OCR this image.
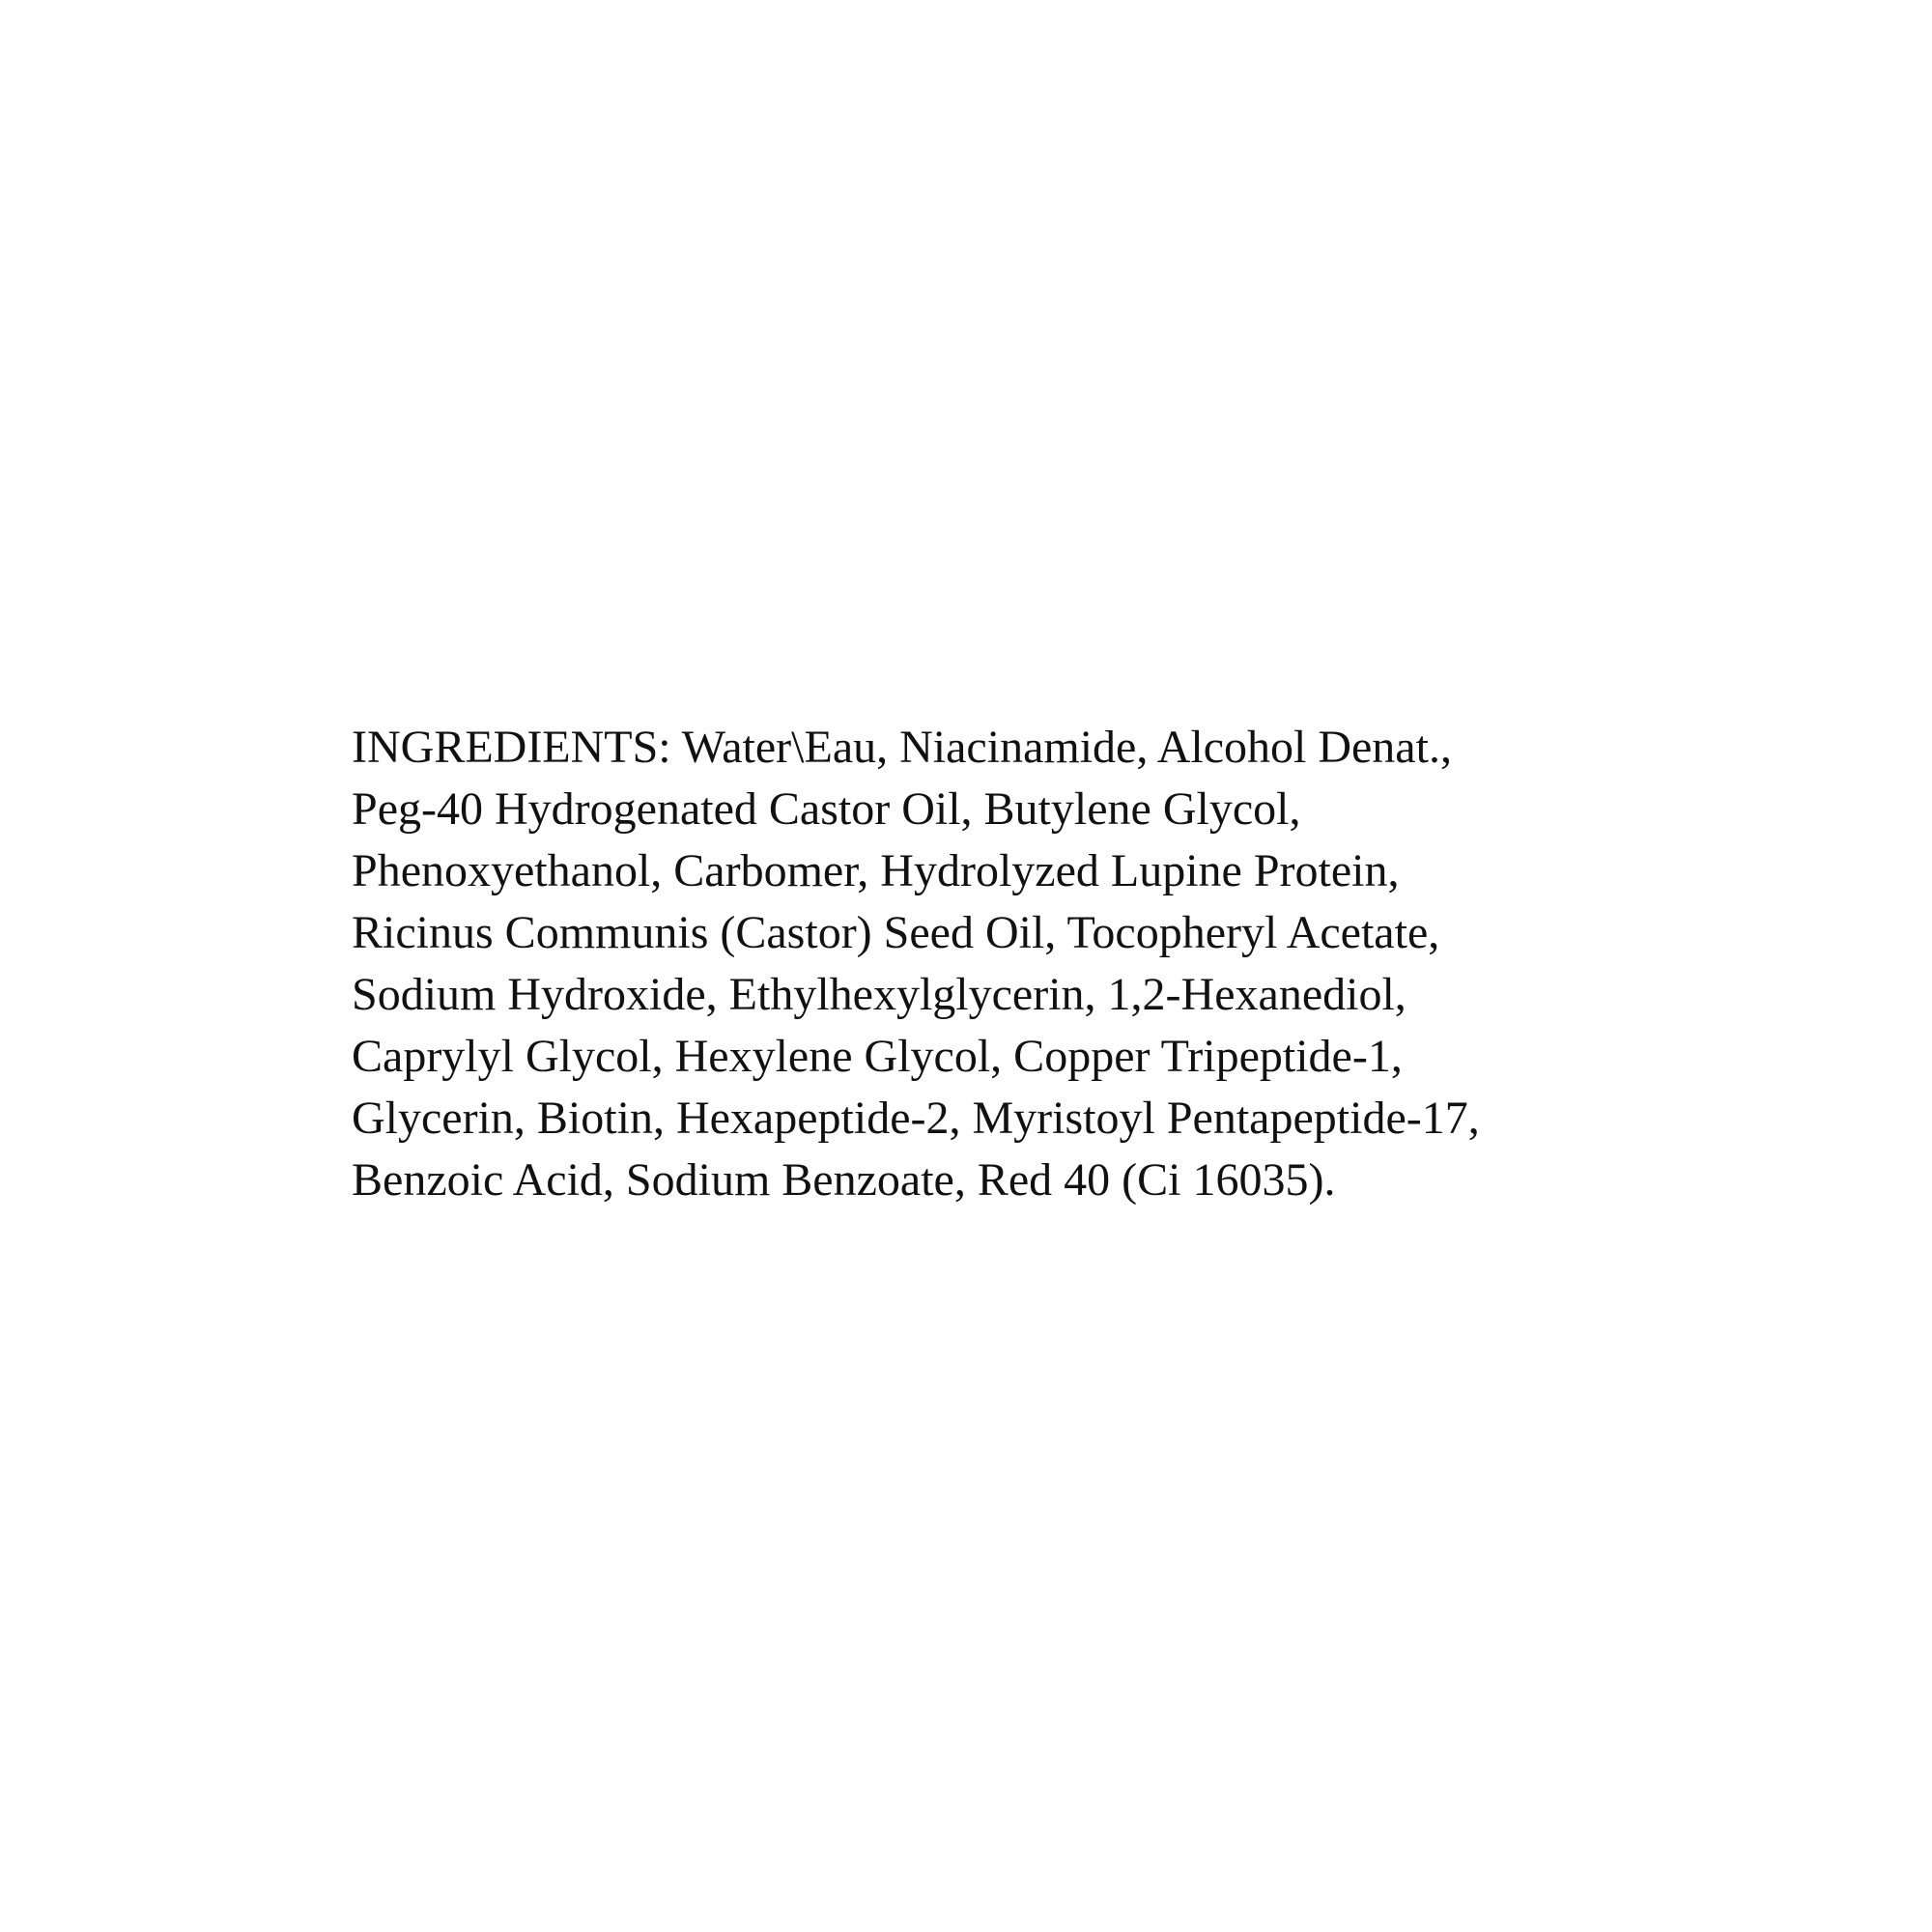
INGREDIENTS: Water\Eau, Niacinamide, Alcohol Denat.,
Peg-40 Hydrogenated Castor Oil, Butylene Glycol,
Phenoxyethanol, Carbomer, Hydrolyzed Lupine Protein,
Ricinus Communis (Castor) Seed Oil, Tocopheryl Acetate,
Sodium Hydroxide, Ethylhexylglycerin, 1,2-Hexanediol,
Caprylyl Glycol, Hexylene Glycol, Copper Tripeptide-1,
Glycerin, Biotin, Hexapeptide-2, Myristoyl Pentapeptide-17,
Benzoic Acid, Sodium Benzoate, Red 40 (Ci 16035).
